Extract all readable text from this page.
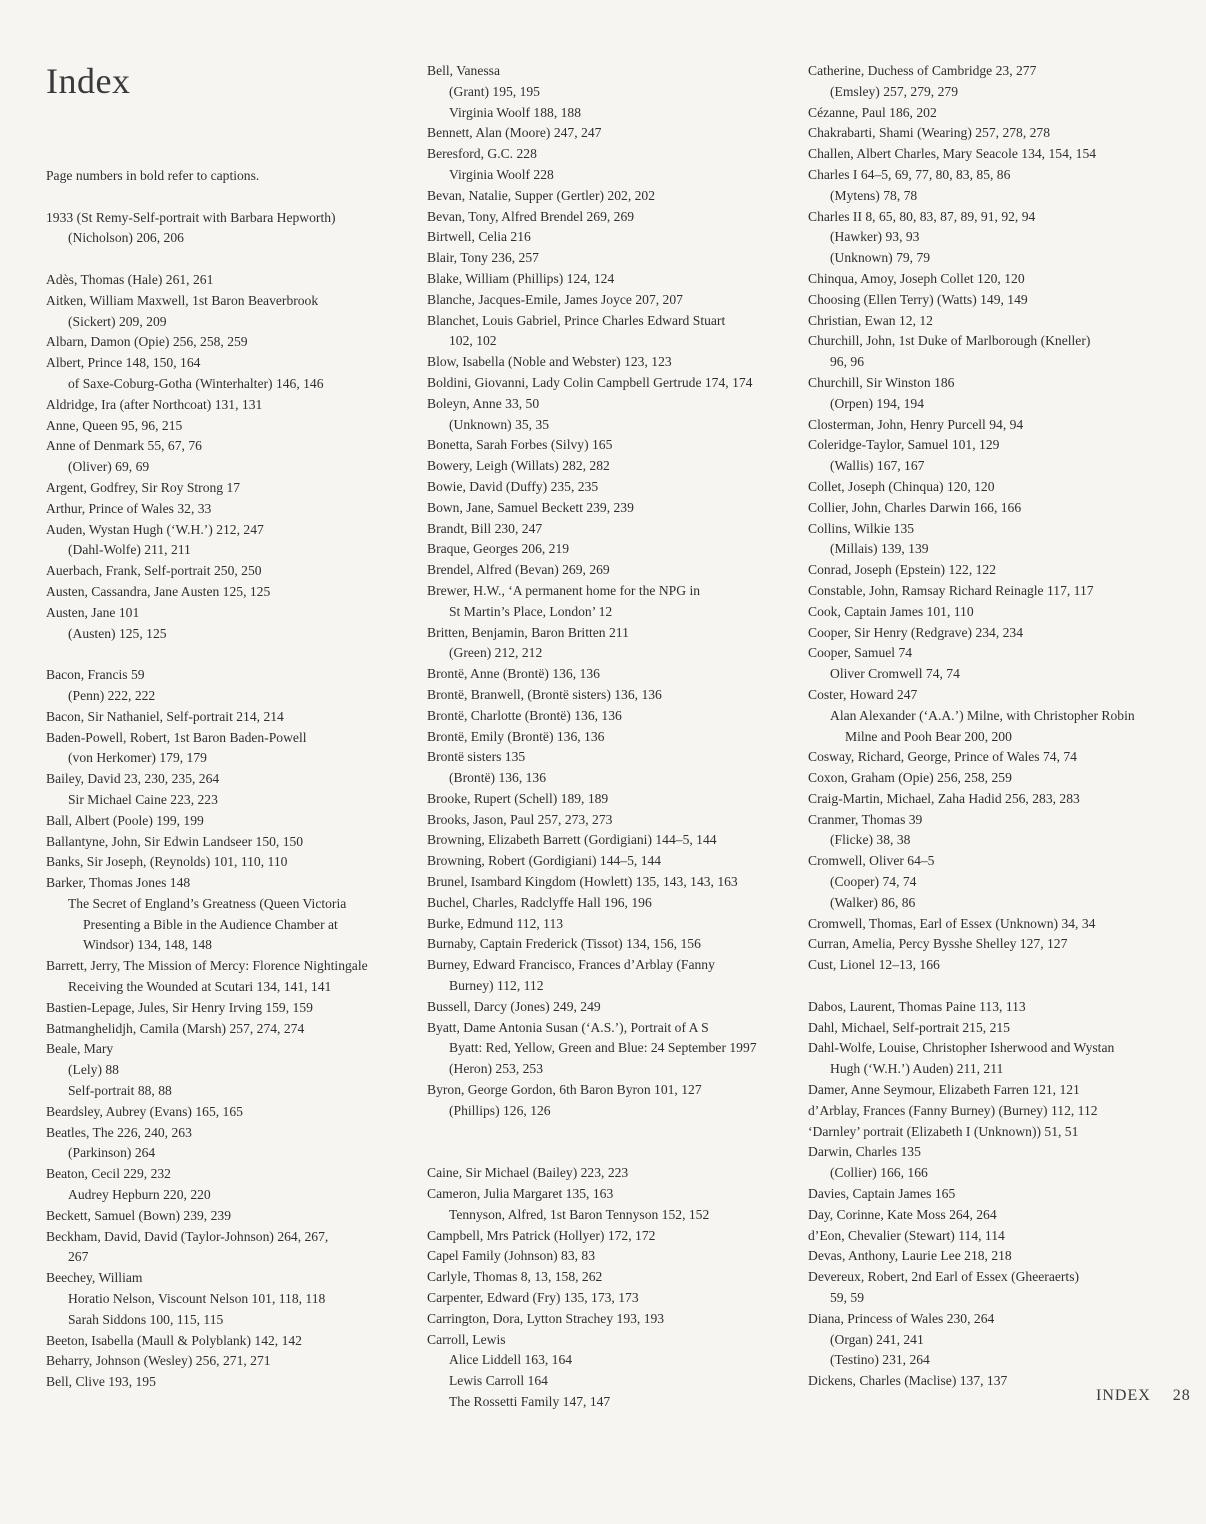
Index
Page numbers in bold refer to captions.
1933 (St Remy-Self-portrait with Barbara Hepworth)
(Nicholson) 206, 206
Adès, Thomas (Hale) 261, 261
Aitken, William Maxwell, 1st Baron Beaverbrook
(Sickert) 209, 209
Albarn, Damon (Opie) 256, 258, 259
Albert, Prince 148, 150, 164
of Saxe-Coburg-Gotha (Winterhalter) 146, 146
Aldridge, Ira (after Northcoat) 131, 131
Anne, Queen 95, 96, 215
Anne of Denmark 55, 67, 76
(Oliver) 69, 69
Argent, Godfrey, Sir Roy Strong 17
Arthur, Prince of Wales 32, 33
Auden, Wystan Hugh (‘W.H.’) 212, 247
(Dahl-Wolfe) 211, 211
Auerbach, Frank, Self-portrait 250, 250
Austen, Cassandra, Jane Austen 125, 125
Austen, Jane 101
(Austen) 125, 125
Bacon, Francis 59
(Penn) 222, 222
Bacon, Sir Nathaniel, Self-portrait 214, 214
Baden-Powell, Robert, 1st Baron Baden-Powell
(von Herkomer) 179, 179
Bailey, David 23, 230, 235, 264
Sir Michael Caine 223, 223
Ball, Albert (Poole) 199, 199
Ballantyne, John, Sir Edwin Landseer 150, 150
Banks, Sir Joseph, (Reynolds) 101, 110, 110
Barker, Thomas Jones 148
The Secret of England’s Greatness (Queen Victoria
Presenting a Bible in the Audience Chamber at
Windsor) 134, 148, 148
Barrett, Jerry, The Mission of Mercy: Florence Nightingale
Receiving the Wounded at Scutari 134, 141, 141
Bastien-Lepage, Jules, Sir Henry Irving 159, 159
Batmanghelidjh, Camila (Marsh) 257, 274, 274
Beale, Mary
(Lely) 88
Self-portrait 88, 88
Beardsley, Aubrey (Evans) 165, 165
Beatles, The 226, 240, 263
(Parkinson) 264
Beaton, Cecil 229, 232
Audrey Hepburn 220, 220
Beckett, Samuel (Bown) 239, 239
Beckham, David, David (Taylor-Johnson) 264, 267,
267
Beechey, William
Horatio Nelson, Viscount Nelson 101, 118, 118
Sarah Siddons 100, 115, 115
Beeton, Isabella (Maull & Polyblank) 142, 142
Beharry, Johnson (Wesley) 256, 271, 271
Bell, Clive 193, 195
Bell, Vanessa
(Grant) 195, 195
Virginia Woolf 188, 188
Bennett, Alan (Moore) 247, 247
Beresford, G.C. 228
Virginia Woolf 228
Bevan, Natalie, Supper (Gertler) 202, 202
Bevan, Tony, Alfred Brendel 269, 269
Birtwell, Celia 216
Blair, Tony 236, 257
Blake, William (Phillips) 124, 124
Blanche, Jacques-Emile, James Joyce 207, 207
Blanchet, Louis Gabriel, Prince Charles Edward Stuart
102, 102
Blow, Isabella (Noble and Webster) 123, 123
Boldini, Giovanni, Lady Colin Campbell Gertrude 174, 174
Boleyn, Anne 33, 50
(Unknown) 35, 35
Bonetta, Sarah Forbes (Silvy) 165
Bowery, Leigh (Willats) 282, 282
Bowie, David (Duffy) 235, 235
Bown, Jane, Samuel Beckett 239, 239
Brandt, Bill 230, 247
Braque, Georges 206, 219
Brendel, Alfred (Bevan) 269, 269
Brewer, H.W., ‘A permanent home for the NPG in
St Martin’s Place, London’ 12
Britten, Benjamin, Baron Britten 211
(Green) 212, 212
Brontë, Anne (Brontë) 136, 136
Brontë, Branwell, (Brontë sisters) 136, 136
Brontë, Charlotte (Brontë) 136, 136
Brontë, Emily (Brontë) 136, 136
Brontë sisters 135
(Brontë) 136, 136
Brooke, Rupert (Schell) 189, 189
Brooks, Jason, Paul 257, 273, 273
Browning, Elizabeth Barrett (Gordigiani) 144–5, 144
Browning, Robert (Gordigiani) 144–5, 144
Brunel, Isambard Kingdom (Howlett) 135, 143, 143, 163
Buchel, Charles, Radclyffe Hall 196, 196
Burke, Edmund 112, 113
Burnaby, Captain Frederick (Tissot) 134, 156, 156
Burney, Edward Francisco, Frances d’Arblay (Fanny
Burney) 112, 112
Bussell, Darcy (Jones) 249, 249
Byatt, Dame Antonia Susan (‘A.S.’), Portrait of A S
Byatt: Red, Yellow, Green and Blue: 24 September 1997
(Heron) 253, 253
Byron, George Gordon, 6th Baron Byron 101, 127
(Phillips) 126, 126
Caine, Sir Michael (Bailey) 223, 223
Cameron, Julia Margaret 135, 163
Tennyson, Alfred, 1st Baron Tennyson 152, 152
Campbell, Mrs Patrick (Hollyer) 172, 172
Capel Family (Johnson) 83, 83
Carlyle, Thomas 8, 13, 158, 262
Carpenter, Edward (Fry) 135, 173, 173
Carrington, Dora, Lytton Strachey 193, 193
Carroll, Lewis
Alice Liddell 163, 164
Lewis Carroll 164
The Rossetti Family 147, 147
Catherine, Duchess of Cambridge 23, 277
(Emsley) 257, 279, 279
Cézanne, Paul 186, 202
Chakrabarti, Shami (Wearing) 257, 278, 278
Challen, Albert Charles, Mary Seacole 134, 154, 154
Charles I 64–5, 69, 77, 80, 83, 85, 86
(Mytens) 78, 78
Charles II 8, 65, 80, 83, 87, 89, 91, 92, 94
(Hawker) 93, 93
(Unknown) 79, 79
Chinqua, Amoy, Joseph Collet 120, 120
Choosing (Ellen Terry) (Watts) 149, 149
Christian, Ewan 12, 12
Churchill, John, 1st Duke of Marlborough (Kneller)
96, 96
Churchill, Sir Winston 186
(Orpen) 194, 194
Closterman, John, Henry Purcell 94, 94
Coleridge-Taylor, Samuel 101, 129
(Wallis) 167, 167
Collet, Joseph (Chinqua) 120, 120
Collier, John, Charles Darwin 166, 166
Collins, Wilkie 135
(Millais) 139, 139
Conrad, Joseph (Epstein) 122, 122
Constable, John, Ramsay Richard Reinagle 117, 117
Cook, Captain James 101, 110
Cooper, Sir Henry (Redgrave) 234, 234
Cooper, Samuel 74
Oliver Cromwell 74, 74
Coster, Howard 247
Alan Alexander (‘A.A.’) Milne, with Christopher Robin
Milne and Pooh Bear 200, 200
Cosway, Richard, George, Prince of Wales 74, 74
Coxon, Graham (Opie) 256, 258, 259
Craig-Martin, Michael, Zaha Hadid 256, 283, 283
Cranmer, Thomas 39
(Flicke) 38, 38
Cromwell, Oliver 64–5
(Cooper) 74, 74
(Walker) 86, 86
Cromwell, Thomas, Earl of Essex (Unknown) 34, 34
Curran, Amelia, Percy Bysshe Shelley 127, 127
Cust, Lionel 12–13, 166
Dabos, Laurent, Thomas Paine 113, 113
Dahl, Michael, Self-portrait 215, 215
Dahl-Wolfe, Louise, Christopher Isherwood and Wystan
Hugh (‘W.H.’) Auden) 211, 211
Damer, Anne Seymour, Elizabeth Farren 121, 121
d’Arblay, Frances (Fanny Burney) (Burney) 112, 112
‘Darnley’ portrait (Elizabeth I (Unknown)) 51, 51
Darwin, Charles 135
(Collier) 166, 166
Davies, Captain James 165
Day, Corinne, Kate Moss 264, 264
d’Eon, Chevalier (Stewart) 114, 114
Devas, Anthony, Laurie Lee 218, 218
Devereux, Robert, 2nd Earl of Essex (Gheeraerts)
59, 59
Diana, Princess of Wales 230, 264
(Organ) 241, 241
(Testino) 231, 264
Dickens, Charles (Maclise) 137, 137
INDEX 28
